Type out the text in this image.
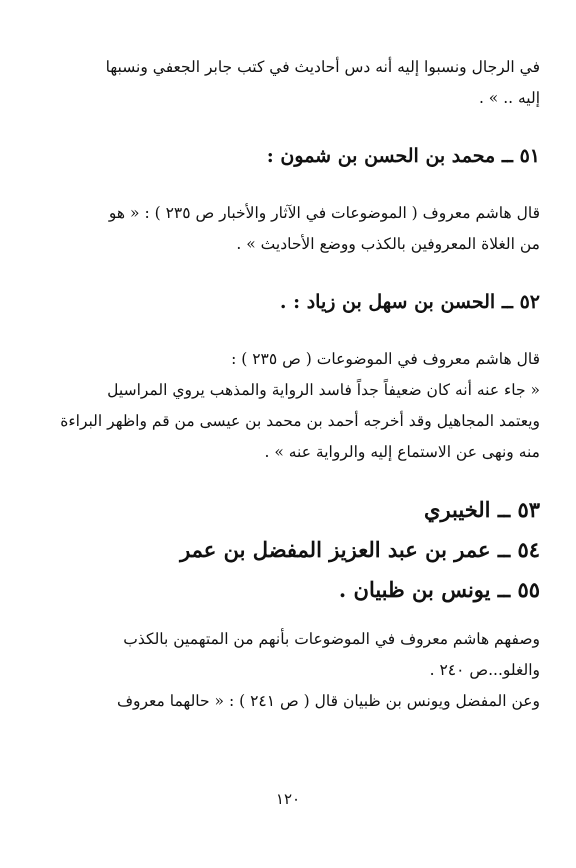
في الرجال ونسبوا إليه أنه دس أحاديث في كتب جابر الجعفي ونسبها

إليه .. » .

٥١ ــ محمد بن الحسن بن شمون :

قال هاشم معروف ( الموضوعات في الآثار والأخبار ص ٢٣٥ ) : « هو

من الغلاة المعروفين بالكذب ووضع الأحاديث » .

٥٢ ــ الحسن بن سهل بن زياد : .

قال هاشم معروف في الموضوعات ( ص ٢٣٥ ) :

« جاء عنه أنه كان ضعيفاً جداً فاسد الرواية والمذهب يروي المراسيل

ويعتمد المجاهيل وقد أخرجه أحمد بن محمد بن عيسى من قم واظهر البراءة

منه ونهى عن الاستماع إليه والرواية عنه » .

٥٣ ــ الخيبري

٥٤ ــ عمر بن عبد العزيز المفضل بن عمر

٥٥ ــ يونس بن ظبيان .

وصفهم هاشم معروف في الموضوعات بأنهم من المتهمين بالكذب

والغلو...ص ٢٤٠ .

وعن المفضل ويونس بن ظبيان قال ( ص ٢٤١ ) : « حالهما معروف

١٢٠
